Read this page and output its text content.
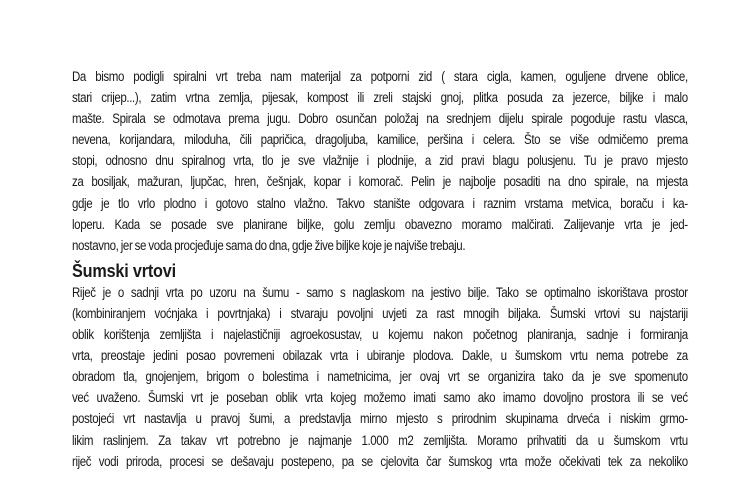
Da bismo podigli spiralni vrt treba nam materijal za potporni zid ( stara cigla, kamen, oguljene drvene oblice,
stari crijep...), zatim vrtna zemlja, pijesak, kompost ili zreli stajski gnoj, plitka posuda za jezerce, biljke i malo
mašte. Spirala se odmotava prema jugu. Dobro osunčan položaj na srednjem dijelu spirale pogoduje rastu vlasca,
nevena, korijandara, miloduha, čili papričica, dragoljuba, kamilice, peršina i celera. Što se više odmičemo prema
stopi, odnosno dnu spiralnog vrta, tlo je sve vlažnije i plodnije, a zid pravi blagu polusjenu. Tu je pravo mjesto
za bosiljak, mažuran, ljupčac, hren, češnjak, kopar i komorač. Pelin je najbolje posaditi na dno spirale, na mjesta
gdje je tlo vrlo plodno i gotovo stalno vlažno. Takvo stanište odgovara i raznim vrstama metvica, boraču i ka-
loperu. Kada se posade sve planirane biljke, golu zemlju obavezno moramo malčirati. Zalijevanje vrta je jed-
nostavno, jer se voda procjeđuje sama do dna, gdje žive biljke koje je najviše trebaju.
Šumski vrtovi
Riječ je o sadnji vrta po uzoru na šumu - samo s naglaskom na jestivo bilje. Tako se optimalno iskorištava prostor
(kombiniranjem voćnjaka i povrtnjaka) i stvaraju povoljni uvjeti za rast mnogih biljaka. Šumski vrtovi su najstariji
oblik korištenja zemljišta i najelastičniji agroekosustav, u kojemu nakon početnog planiranja, sadnje i formiranja
vrta, preostaje jedini posao povremeni obilazak vrta i ubiranje plodova. Dakle, u šumskom vrtu nema potrebe za
obradom tla, gnojenjem, brigom o bolestima i nametnicima, jer ovaj vrt se organizira tako da je sve spomenuto
već uvaženo. Šumski vrt je poseban oblik vrta kojeg možemo imati samo ako imamo dovoljno prostora ili se već
postojeći vrt nastavlja u pravoj šumi, a predstavlja mirno mjesto s prirodnim skupinama drveća i niskim grmo-
likim raslinjem. Za takav vrt potrebno je najmanje 1.000 m2 zemljišta. Moramo prihvatiti da u šumskom vrtu
riječ vodi priroda, procesi se dešavaju postepeno, pa se cjelovita čar šumskog vrta može očekivati tek za nekoliko
